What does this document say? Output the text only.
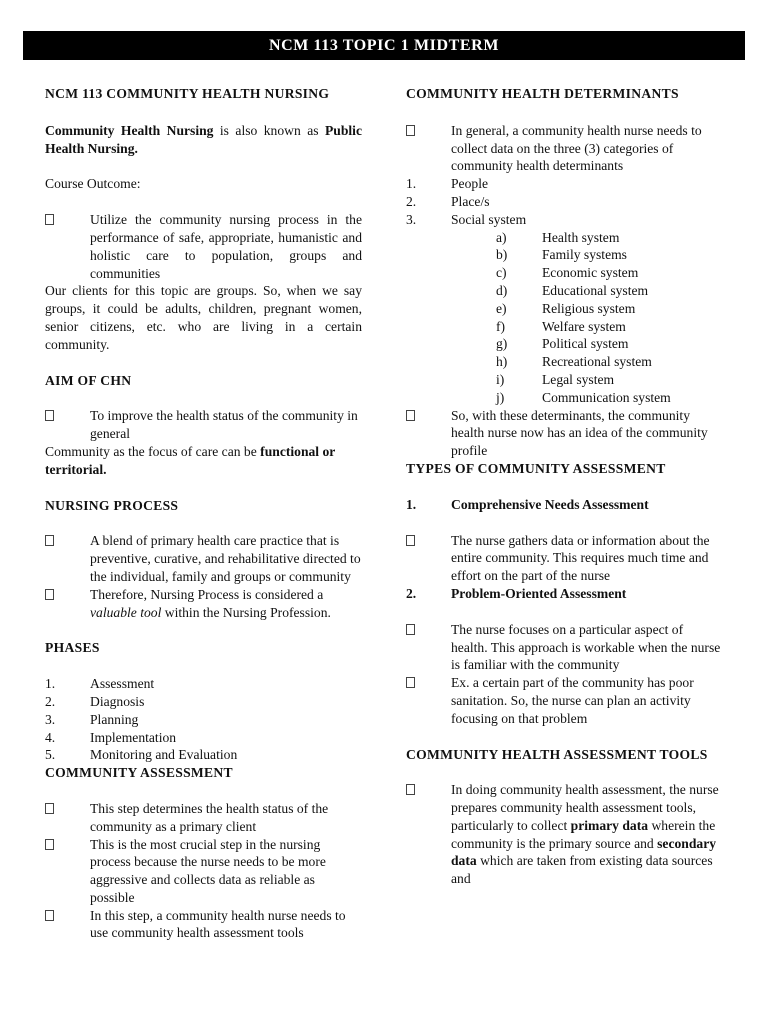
NCM 113 TOPIC 1 MIDTERM
NCM 113 COMMUNITY HEALTH NURSING

Community Health Nursing is also known as Public Health Nursing.

Course Outcome:

Utilize the community nursing process in the performance of safe, appropriate, humanistic and holistic care to population, groups and communities

Our clients for this topic are groups. So, when we say groups, it could be adults, children, pregnant women, senior citizens, etc. who are living in a certain community.

AIM OF CHN

To improve the health status of the community in general

Community as the focus of care can be functional or territorial.

NURSING PROCESS
A blend of primary health care practice that is preventive, curative, and rehabilitative directed to the individual, family and groups or community
Therefore, Nursing Process is considered a valuable tool within the Nursing Profession.
PHASES
1.	Assessment
2.	Diagnosis
3.	Planning
4.	Implementation
5.	Monitoring and Evaluation
COMMUNITY ASSESSMENT
This step determines the health status of the community as a primary client
This is the most crucial step in the nursing process because the nurse needs to be more aggressive and collects data as reliable as possible
In this step, a community health nurse needs to use community health assessment tools
COMMUNITY HEALTH DETERMINANTS
In general, a community health nurse needs to collect data on the three (3) categories of community health determinants
1.	People
2.	Place/s
3.	Social system
a)	Health system
b)	Family systems
c)	Economic system
d)	Educational system
e)	Religious system
f)	Welfare system
g)	Political system
h)	Recreational system
i)	Legal system
j)	Communication system

So, with these determinants, the community health nurse now has an idea of the community profile

TYPES OF COMMUNITY ASSESSMENT
1.	Comprehensive Needs Assessment

The nurse gathers data or information about the entire community. This requires much time and effort on the part of the nurse

2.	Problem-Oriented Assessment
The nurse focuses on a particular aspect of health. This approach is workable when the nurse is familiar with the community
Ex. a certain part of the community has poor sanitation. So, the nurse can plan an activity focusing on that problem
COMMUNITY HEALTH ASSESSMENT TOOLS
In doing community health assessment, the nurse prepares community health assessment tools, particularly to collect primary data wherein the community is the primary source and secondary data which are taken from existing data sources and
